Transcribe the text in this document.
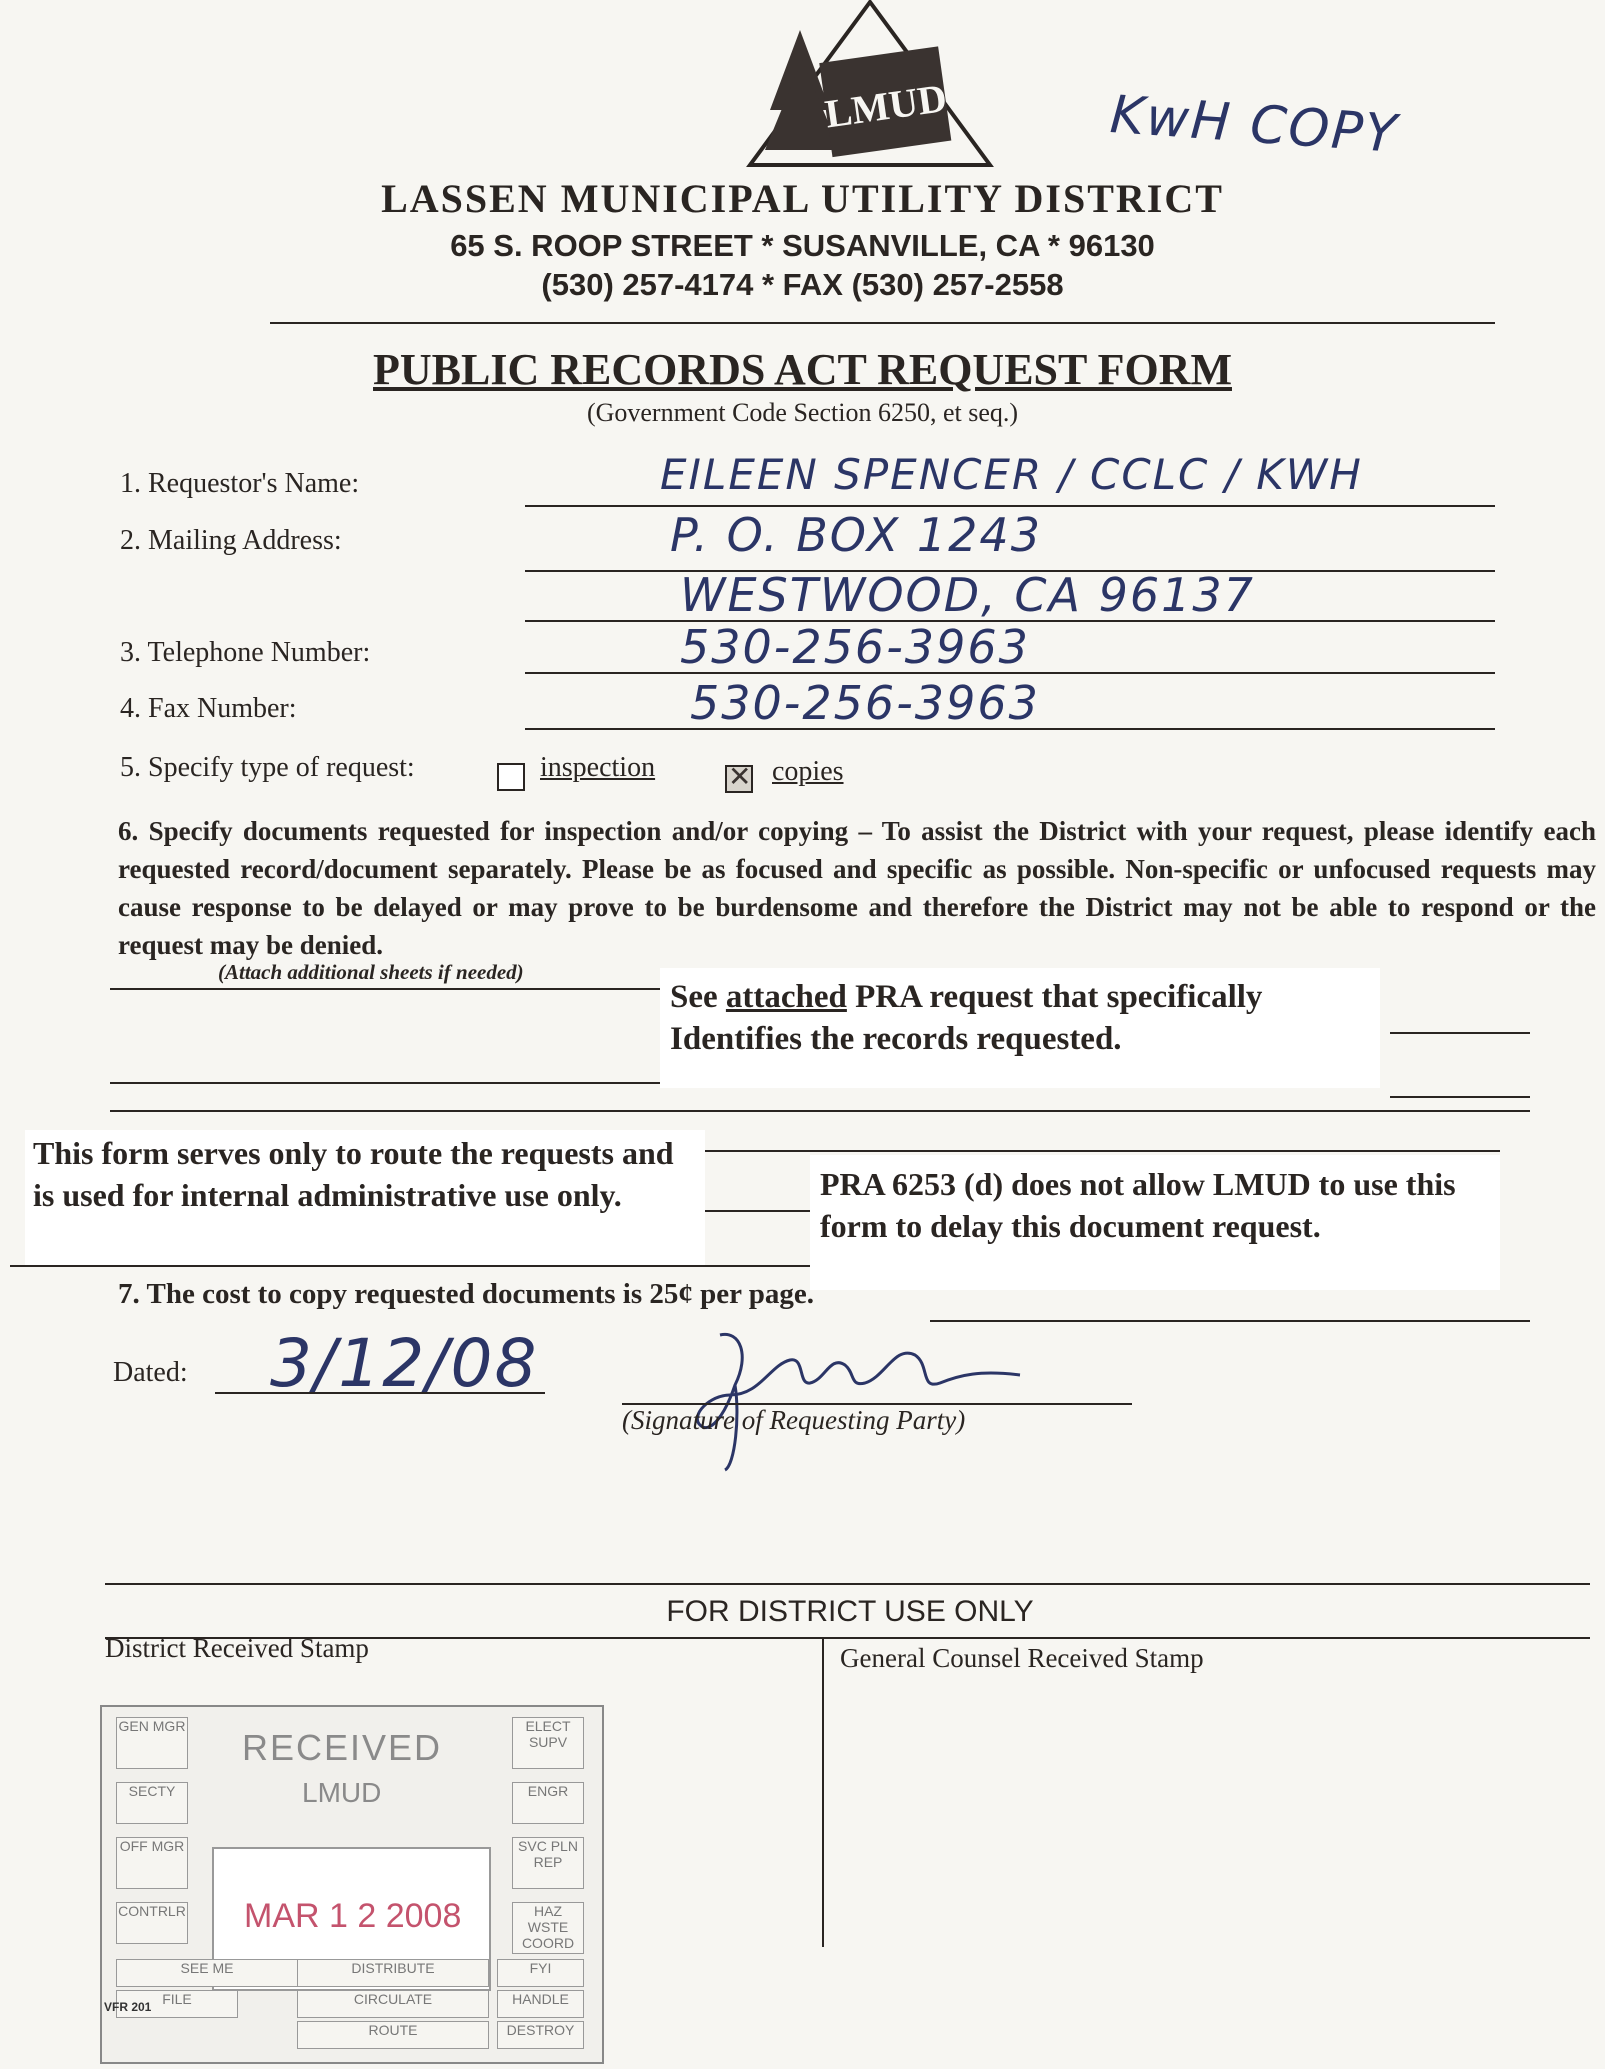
KwH COPY
LMUD
LASSEN MUNICIPAL UTILITY DISTRICT
65 S. ROOP STREET * SUSANVILLE, CA * 96130
(530) 257-4174 * FAX (530) 257-2558
PUBLIC RECORDS ACT REQUEST FORM
(Government Code Section 6250, et seq.)
1. Requestor's Name:	EILEEN SPENCER / CCLC / KWH
2. Mailing Address:	P. O. BOX 1243
WESTWOOD, CA 96137
3. Telephone Number:	530-256-3963
4. Fax Number:	530-256-3963
5. Specify type of request:	inspection
✕	copies
6. Specify documents requested for inspection and/or copying – To assist the District with your request, please identify each requested record/document separately. Please be as focused and specific as possible. Non-specific or unfocused requests may cause response to be delayed or may prove to be burdensome and therefore the District may not be able to respond or the request may be denied.
(Attach additional sheets if needed)
See attached PRA request that specifically
Identifies the records requested.
This form serves only to route the requests and is used for internal administrative use only.	PRA 6253 (d) does not allow LMUD to use this form to delay this document request.
7. The cost to copy requested documents is 25¢ per page.
Dated: 3/12/08
(Signature of Requesting Party)
FOR DISTRICT USE ONLY
District Received Stamp	General Counsel Received Stamp
GEN MGR
SECTY
OFF MGR
CONTRLR
ELECT SUPV
ENGR
SVC PLN REP
HAZ WSTE COORD
RECEIVED
LMUD
MAR 1 2 2008
SEE ME
FILE
DISTRIBUTE
CIRCULATE
ROUTE
FYI
HANDLE
DESTROY
VFR 201
